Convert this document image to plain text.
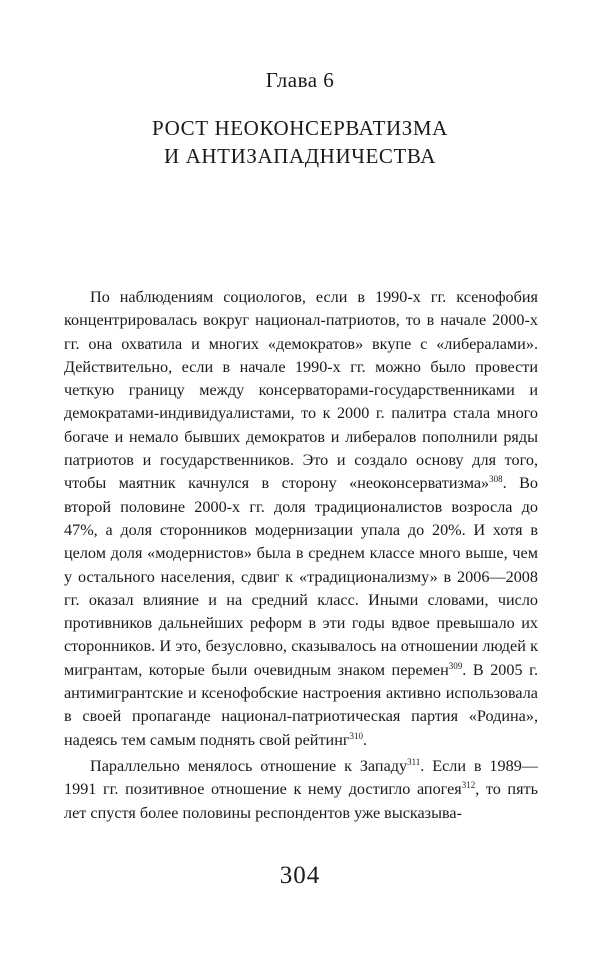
Глава 6
РОСТ НЕОКОНСЕРВАТИЗМА
И АНТИЗАПАДНИЧЕСТВА

По наблюдениям социологов, если в 1990-х гг. ксенофобия концентрировалась вокруг национал-патриотов, то в начале 2000-х гг. она охватила и многих «демократов» вкупе с «либералами». Действительно, если в начале 1990-х гг. можно было провести четкую границу между консерваторами-государственниками и демократами-индивидуалистами, то к 2000 г. палитра стала много богаче и немало бывших демократов и либералов пополнили ряды патриотов и государственников. Это и создало основу для того, чтобы маятник качнулся в сторону «неоконсерватизма»$^{308}$. Во второй половине 2000-х гг. доля традиционалистов возросла до 47%, а доля сторонников модернизации упала до 20%. И хотя в целом доля «модернистов» была в среднем классе много выше, чем у остального населения, сдвиг к «традиционализму» в 2006—2008 гг. оказал влияние и на средний класс. Иными словами, число противников дальнейших реформ в эти годы вдвое превышало их сторонников. И это, безусловно, сказывалось на отношении людей к мигрантам, которые были очевидным знаком перемен$^{309}$. В 2005 г. антимигрантские и ксенофобские настроения активно использовала в своей пропаганде национал-патриотическая партия «Родина», надеясь тем самым поднять свой рейтинг$^{310}$.

Параллельно менялось отношение к Западу$^{311}$. Если в 1989—1991 гг. позитивное отношение к нему достигло апогея$^{312}$, то пять лет спустя более половины респондентов уже высказыва-

304
